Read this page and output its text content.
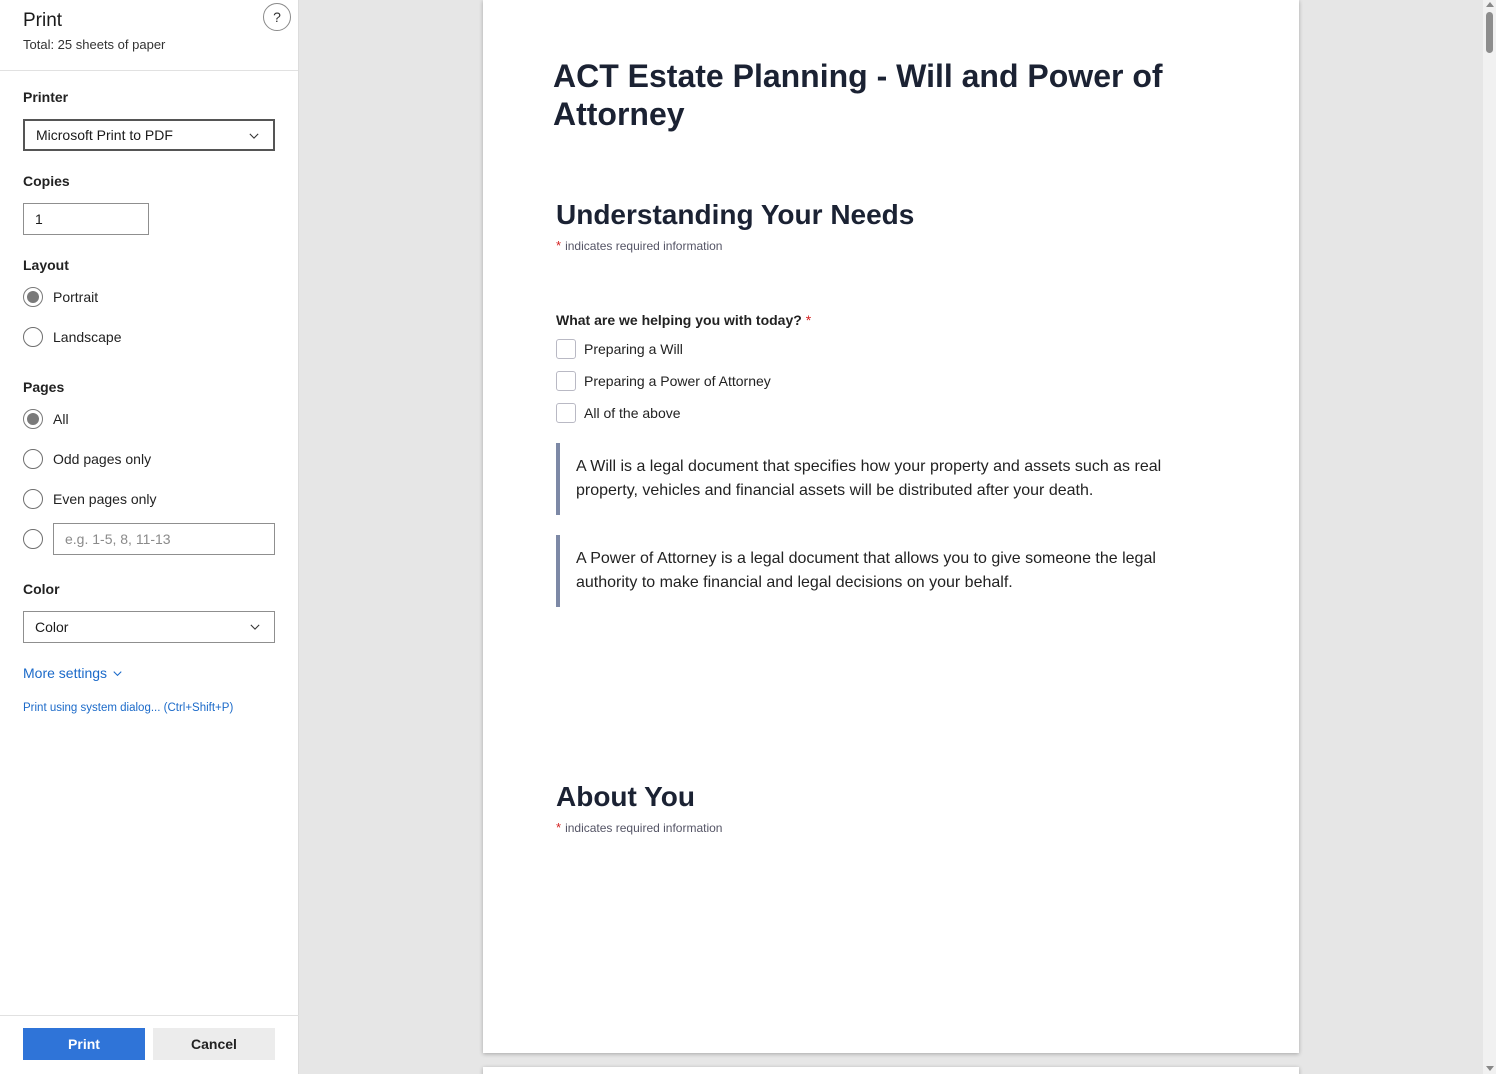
Print
Total: 25 sheets of paper
?
Printer
Microsoft Print to PDF
Copies
1
Layout
Portrait
Landscape
Pages
All
Odd pages only
Even pages only
e.g. 1-5, 8, 11-13
Color
Color
More settings
Print using system dialog... (Ctrl+Shift+P)
Print	Cancel
ACT Estate Planning - Will and Power of Attorney
Understanding Your Needs
* indicates required information
What are we helping you with today? *
Preparing a Will
Preparing a Power of Attorney
All of the above
A Will is a legal document that specifies how your property and assets such as real property, vehicles and financial assets will be distributed after your death.
A Power of Attorney is a legal document that allows you to give someone the legal authority to make financial and legal decisions on your behalf.
About You
* indicates required information
